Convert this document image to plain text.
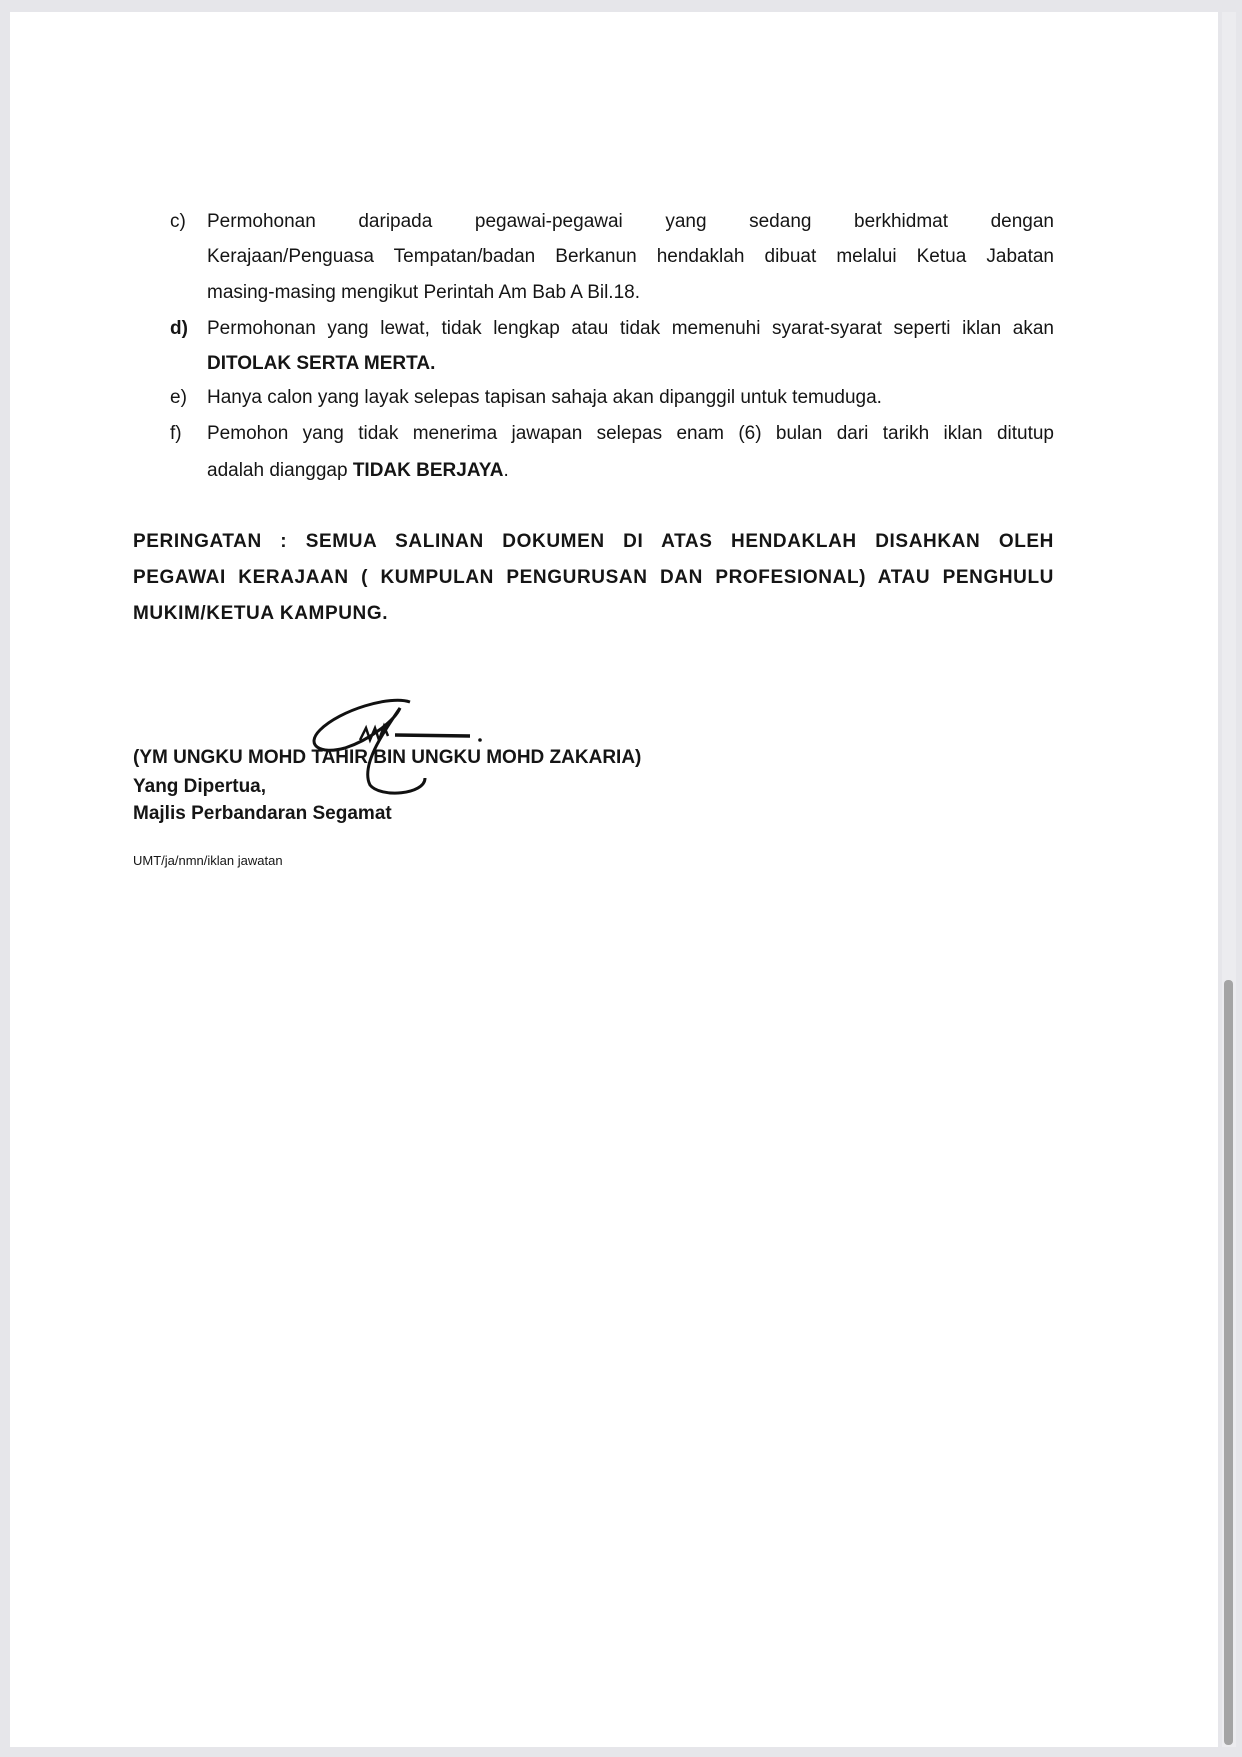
c)	Permohonan daripada pegawai-pegawai yang sedang berkhidmat dengan
Kerajaan/Penguasa Tempatan/badan Berkanun hendaklah dibuat melalui Ketua Jabatan
masing-masing mengikut Perintah Am Bab A Bil.18.
d)	Permohonan yang lewat, tidak lengkap atau tidak memenuhi syarat-syarat seperti iklan akan
DITOLAK SERTA MERTA.
e)	Hanya calon yang layak selepas tapisan sahaja akan dipanggil untuk temuduga.
f)	Pemohon yang tidak menerima jawapan selepas enam (6) bulan dari tarikh iklan ditutup
adalah dianggap TIDAK BERJAYA.
PERINGATAN : SEMUA SALINAN DOKUMEN DI ATAS HENDAKLAH DISAHKAN OLEH
PEGAWAI KERAJAAN ( KUMPULAN PENGURUSAN DAN PROFESIONAL) ATAU PENGHULU
MUKIM/KETUA KAMPUNG.
(YM UNGKU MOHD TAHIR BIN UNGKU MOHD ZAKARIA)
Yang Dipertua,
Majlis Perbandaran Segamat
UMT/ja/nmn/iklan jawatan
